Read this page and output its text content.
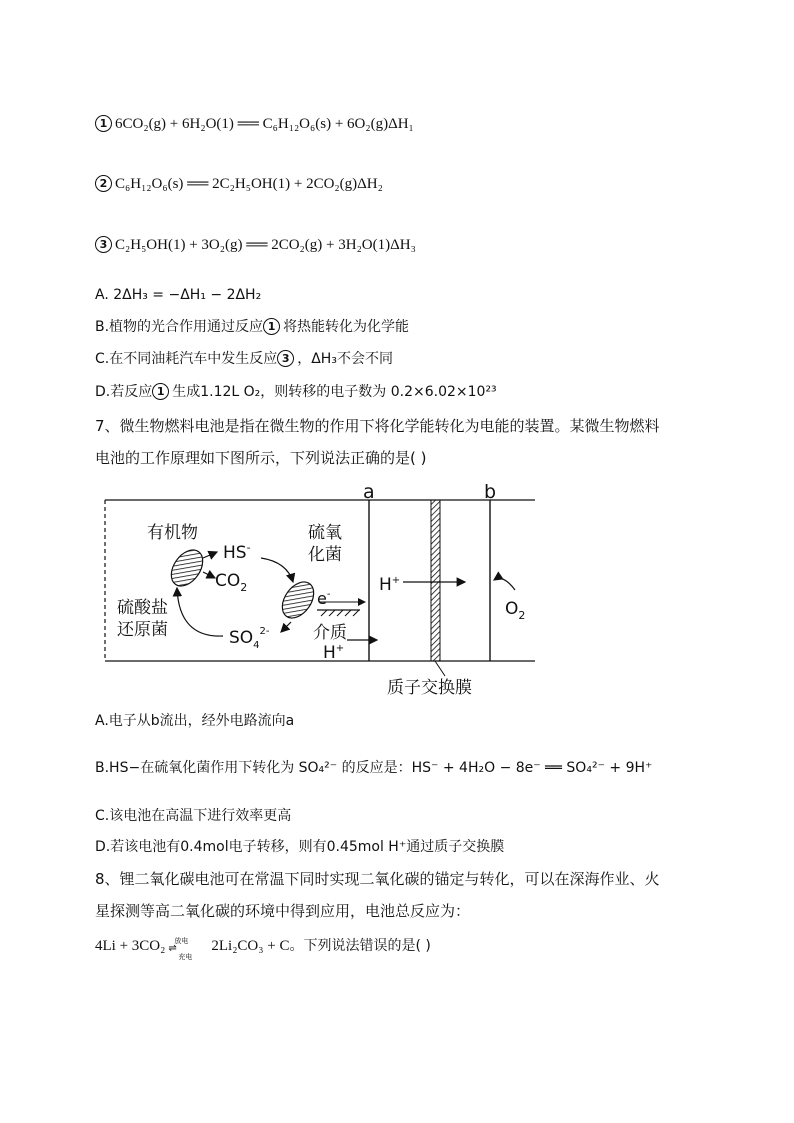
1 6CO₂(g) + 6H₂O(1) ══ C₆H₁₂O₆(s) + 6O₂(g)ΔH₁
2 C₆H₁₂O₆(s) ══ 2C₂H₅OH(1) + 2CO₂(g)ΔH₂
3 C₂H₅OH(1) + 3O₂(g) ══ 2CO₂(g) + 3H₂O(1)ΔH₃
A. 2ΔH₃ = −ΔH₁ − 2ΔH₂
B.植物的光合作用通过反应 1 将热能转化为化学能
C.在不同油耗汽车中发生反应 3 ，ΔH₃不会不同
D.若反应 1 生成1.12L O₂，则转移的电子数为 0.2×6.02×10²³
7、微生物燃料电池是指在微生物的作用下将化学能转化为电能的装置。某微生物燃料
电池的工作原理如下图所示，下列说法正确的是( )
a	b
质子交换膜
有机物
HS-
$CO_2$
硫酸盐
还原菌
硫氧
化菌
e-
介质
$SO_4^{2-}$
H+
H+
$O_2$
A.电子从b流出，经外电路流向a
B.HS−在硫氧化菌作用下转化为 SO₄²⁻ 的反应是：HS⁻ + 4H₂O − 8e⁻ ══ SO₄²⁻ + 9H⁺
C.该电池在高温下进行效率更高
D.若该电池有0.4mol电子转移，则有0.45mol H⁺通过质子交换膜
8、锂二氧化碳电池可在常温下同时实现二氧化碳的锚定与转化，可以在深海作业、火
星探测等高二氧化碳的环境中得到应用，电池总反应为：
4Li + 3CO₂ 放电
⇌
充电
2Li₂CO₃ + C。下列说法错误的是( )
